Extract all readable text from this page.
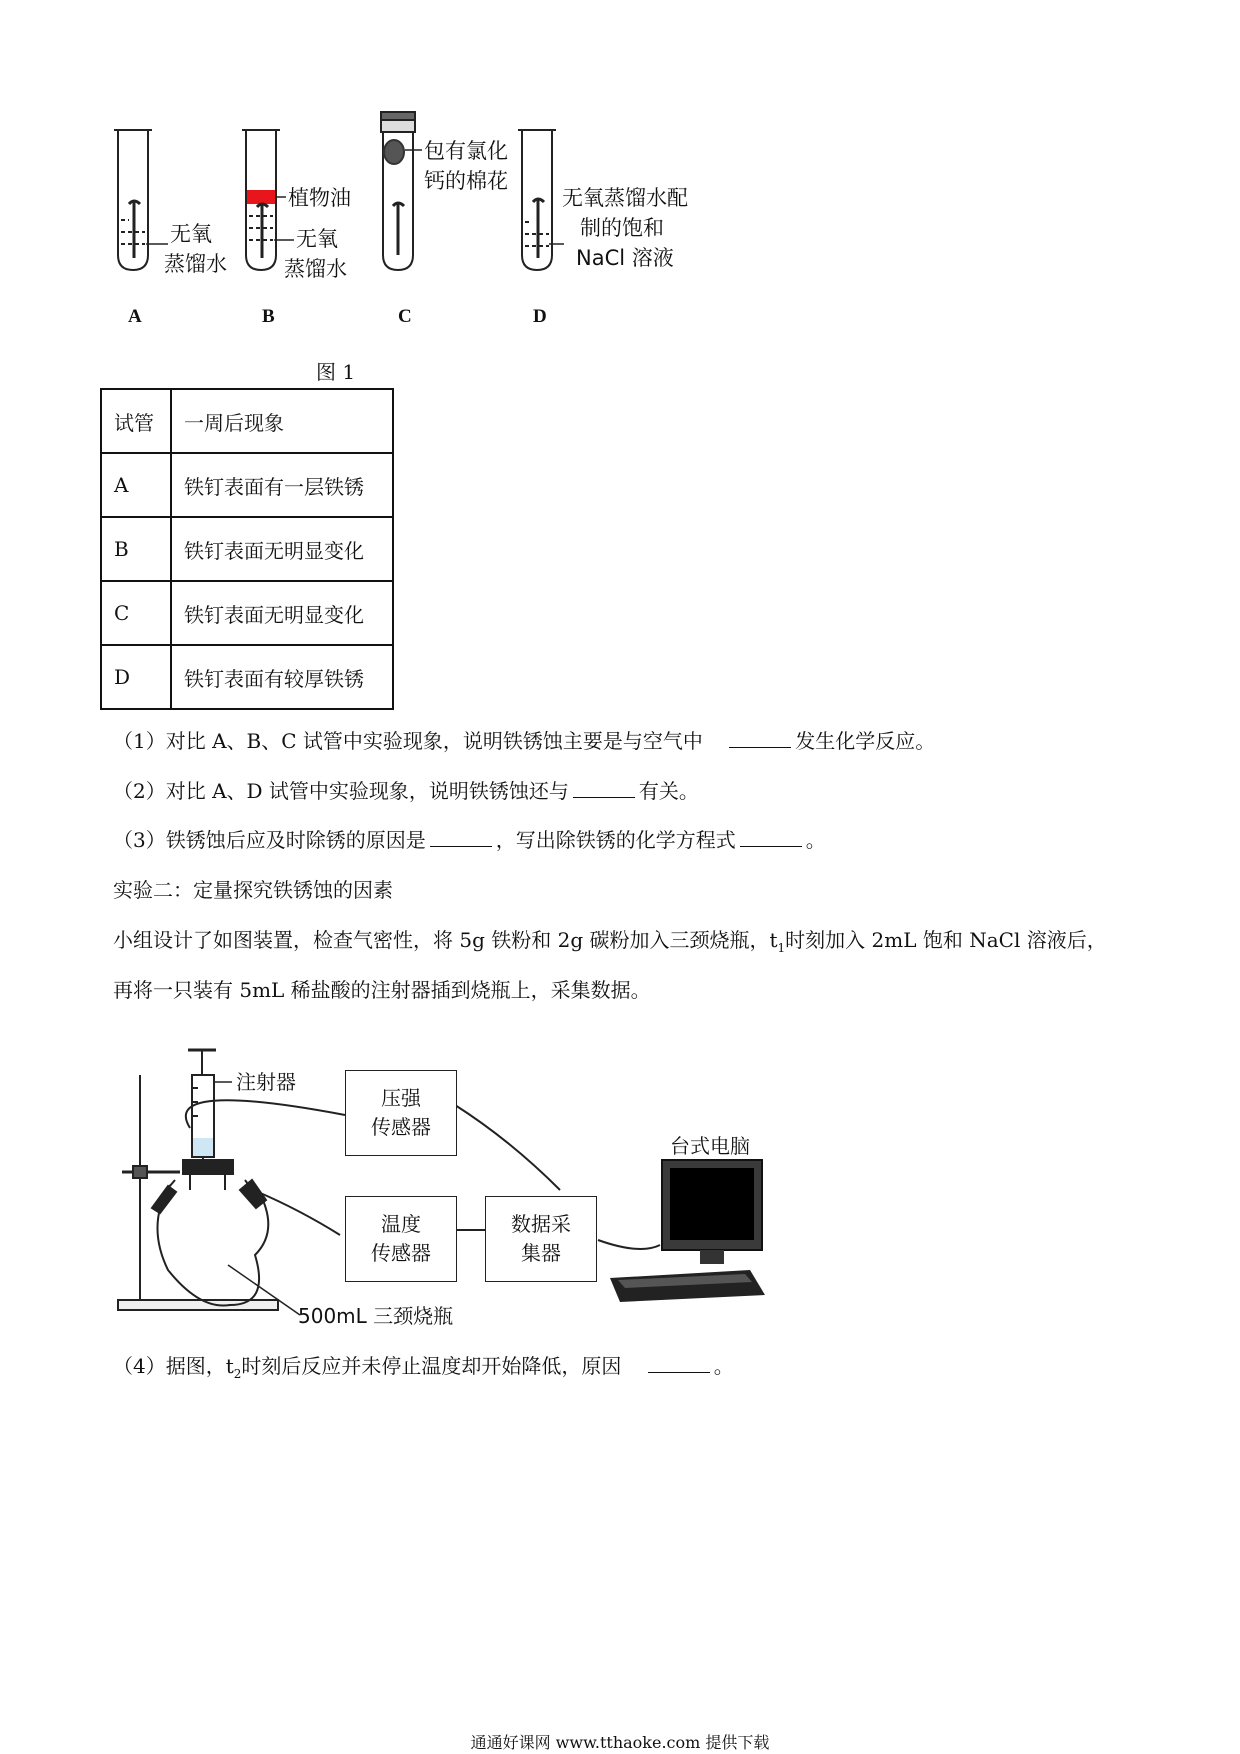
无氧
蒸馏水
植物油
无氧
蒸馏水
包有氯化
钙的棉花
无氧蒸馏水配
制的饱和
NaCl 溶液
A	B	C	D
图 1
试管	一周后现象
A	铁钉表面有一层铁锈
B	铁钉表面无明显变化
C	铁钉表面无明显变化
D	铁钉表面有较厚铁锈
（1）对比 A、B、C 试管中实验现象，说明铁锈蚀主要是与空气中	发生化学反应。
（2）对比 A、D 试管中实验现象，说明铁锈蚀还与	有关。
（3）铁锈蚀后应及时除锈的原因是	，写出除铁锈的化学方程式	。
实验二：定量探究铁锈蚀的因素
小组设计了如图装置，检查气密性，将 5g 铁粉和 2g 碳粉加入三颈烧瓶，$t_1$时刻加入 2mL 饱和 NaCl 溶液后，
再将一只装有 5mL 稀盐酸的注射器插到烧瓶上，采集数据。
注射器
压强
传感器
温度
传感器
数据采
集器
台式电脑
500mL 三颈烧瓶
（4）据图，$t_2$时刻后反应并未停止温度却开始降低，原因	。
通通好课网 www.tthaoke.com 提供下载
